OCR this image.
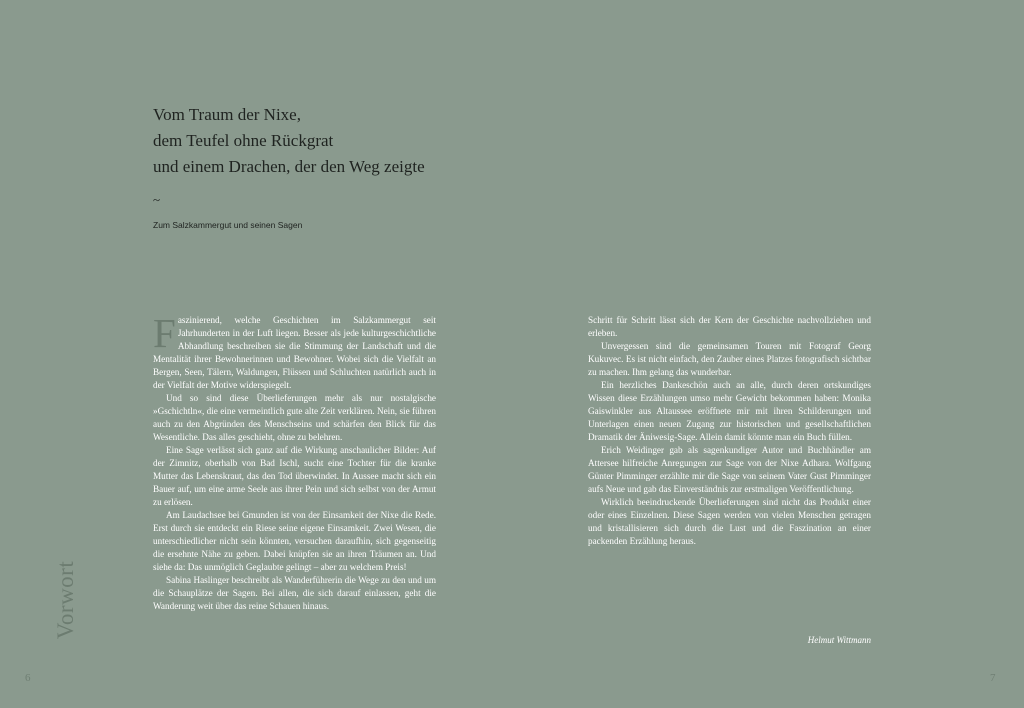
Vom Traum der Nixe,
dem Teufel ohne Rückgrat
und einem Drachen, der den Weg zeigte
~
Zum Salzkammergut und seinen Sagen

Faszinierend, welche Geschichten im Salzkammergut seit Jahrhunderten in der Luft liegen. Besser als jede kulturgeschichtliche Abhandlung beschreiben sie die Stimmung der Landschaft und die Mentalität ihrer Bewohnerinnen und Bewohner. Wobei sich die Vielfalt an Bergen, Seen, Tälern, Waldungen, Flüssen und Schluchten natürlich auch in der Vielfalt der Motive widerspiegelt.

Und so sind diese Überlieferungen mehr als nur nostalgische »Gschichtln«, die eine vermeintlich gute alte Zeit verklären. Nein, sie führen auch zu den Abgründen des Menschseins und schärfen den Blick für das Wesentliche. Das alles geschieht, ohne zu belehren.

Eine Sage verlässt sich ganz auf die Wirkung anschaulicher Bilder: Auf der Zimnitz, oberhalb von Bad Ischl, sucht eine Tochter für die kranke Mutter das Lebenskraut, das den Tod überwindet. In Aussee macht sich ein Bauer auf, um eine arme Seele aus ihrer Pein und sich selbst von der Armut zu erlösen.

Am Laudachsee bei Gmunden ist von der Einsamkeit der Nixe die Rede. Erst durch sie entdeckt ein Riese seine eigene Einsamkeit. Zwei Wesen, die unterschiedlicher nicht sein könnten, versuchen daraufhin, sich gegenseitig die ersehnte Nähe zu geben. Dabei knüpfen sie an ihren Träumen an. Und siehe da: Das unmöglich Geglaubte gelingt – aber zu welchem Preis!

Sabina Haslinger beschreibt als Wanderführerin die Wege zu den und um die Schauplätze der Sagen. Bei allen, die sich darauf einlassen, geht die Wanderung weit über das reine Schauen hinaus.

Schritt für Schritt lässt sich der Kern der Geschichte nachvollziehen und erleben.

Unvergessen sind die gemeinsamen Touren mit Fotograf Georg Kukuvec. Es ist nicht einfach, den Zauber eines Platzes fotografisch sichtbar zu machen. Ihm gelang das wunderbar.

Ein herzliches Dankeschön auch an alle, durch deren ortskundiges Wissen diese Erzählungen umso mehr Gewicht bekommen haben: Monika Gaiswinkler aus Altaussee eröffnete mir mit ihren Schilderungen und Unterlagen einen neuen Zugang zur historischen und gesellschaftlichen Dramatik der Äniwesig-Sage. Allein damit könnte man ein Buch füllen.

Erich Weidinger gab als sagenkundiger Autor und Buchhändler am Attersee hilfreiche Anregungen zur Sage von der Nixe Adhara. Wolfgang Günter Pimminger erzählte mir die Sage von seinem Vater Gust Pimminger aufs Neue und gab das Einverständnis zur erstmaligen Veröffentlichung.

Wirklich beeindruckende Überlieferungen sind nicht das Produkt einer oder eines Einzelnen. Diese Sagen werden von vielen Menschen getragen und kristallisieren sich durch die Lust und die Faszination an einer packenden Erzählung heraus.

Helmut Wittmann
Vorwort
6	7
